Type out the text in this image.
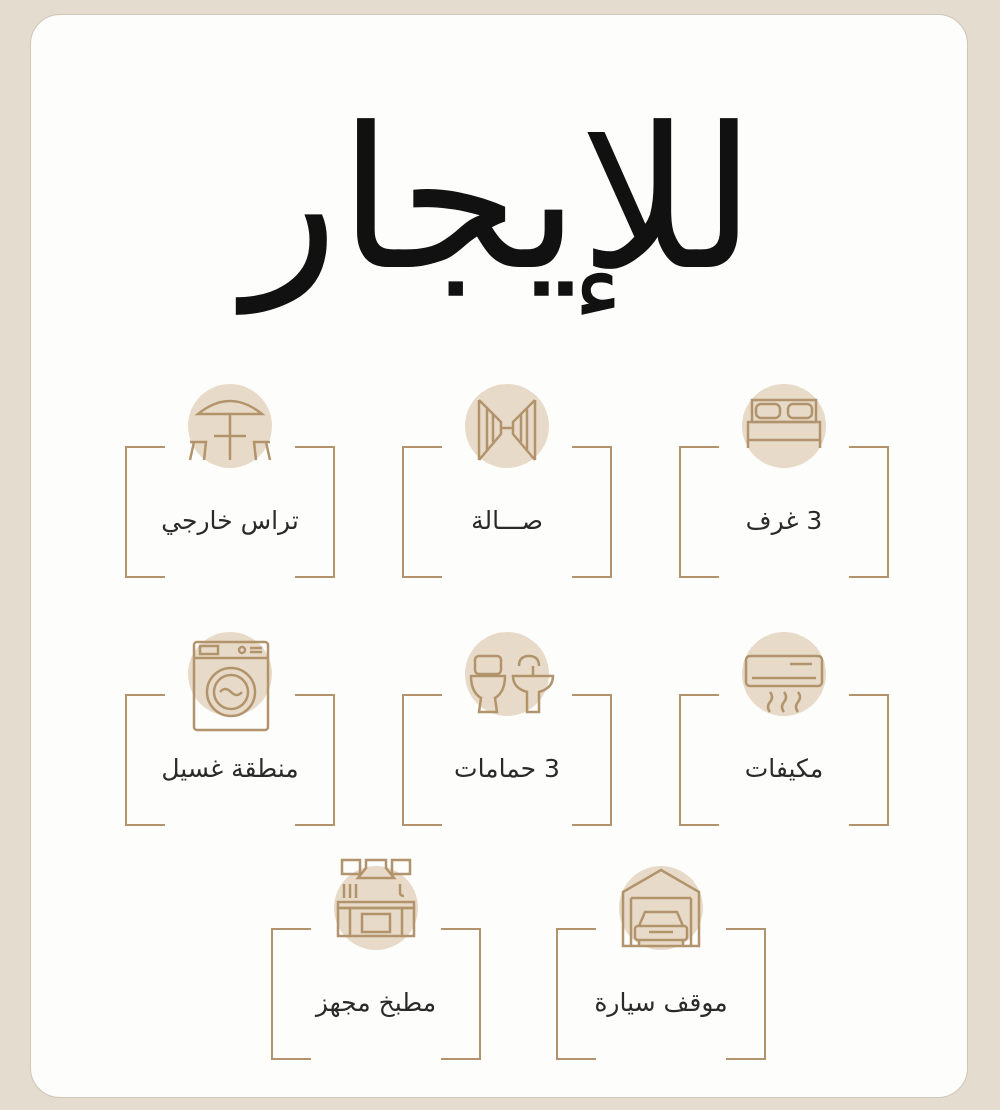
للإيجار
3 غرف
صـــالة
تراس خارجي
مكيفات
3 حمامات
منطقة غسيل
موقف سيارة
مطبخ مجهز
